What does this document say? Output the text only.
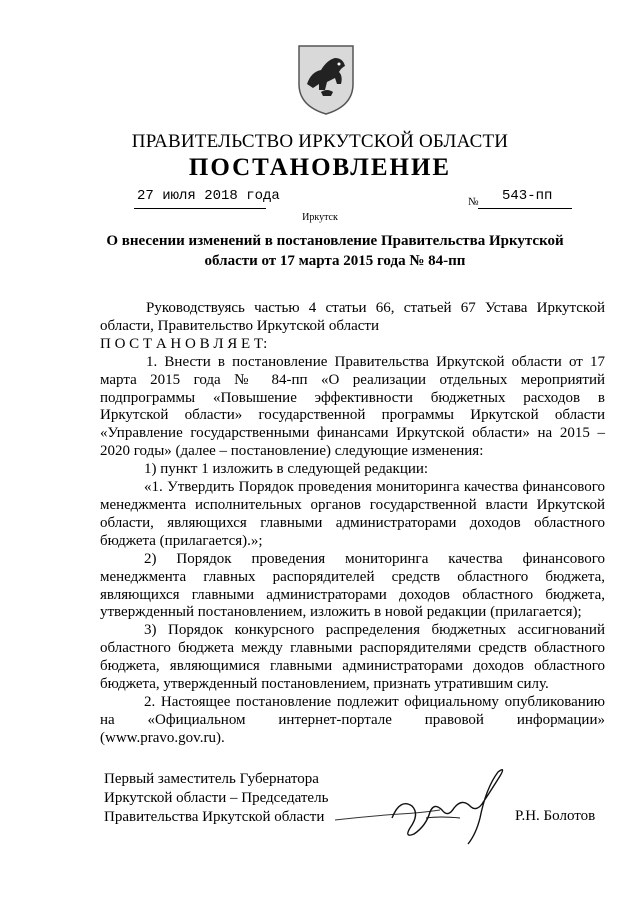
ПРАВИТЕЛЬСТВО ИРКУТСКОЙ ОБЛАСТИ
ПОСТАНОВЛЕНИЕ
27 июля 2018 года	№ 543-пп
Иркутск
О внесении изменений в постановление Правительства Иркутской области от 17 марта 2015 года № 84-пп

Руководствуясь частью 4 статьи 66, статьей 67 Устава Иркутской области, Правительство Иркутской области

П О С Т А Н О В Л Я Е Т:

1. Внести в постановление Правительства Иркутской области от 17 марта 2015 года № 84-пп «О реализации отдельных мероприятий подпрограммы «Повышение эффективности бюджетных расходов в Иркутской области» государственной программы Иркутской области «Управление государственными финансами Иркутской области» на 2015 – 2020 годы» (далее – постановление) следующие изменения:

1) пункт 1 изложить в следующей редакции:

«1. Утвердить Порядок проведения мониторинга качества финансового менеджмента исполнительных органов государственной власти Иркутской области, являющихся главными администраторами доходов областного бюджета (прилагается).»;

2) Порядок проведения мониторинга качества финансового менеджмента главных распорядителей средств областного бюджета, являющихся главными администраторами доходов областного бюджета, утвержденный постановлением, изложить в новой редакции (прилагается);

3) Порядок конкурсного распределения бюджетных ассигнований областного бюджета между главными распорядителями средств областного бюджета, являющимися главными администраторами доходов областного бюджета, утвержденный постановлением, признать утратившим силу.

2. Настоящее постановление подлежит официальному опубликованию на «Официальном интернет-портале правовой информации» (www.pravo.gov.ru).

Первый заместитель Губернатора
Иркутской области – Председатель
Правительства Иркутской области	Р.Н. Болотов
